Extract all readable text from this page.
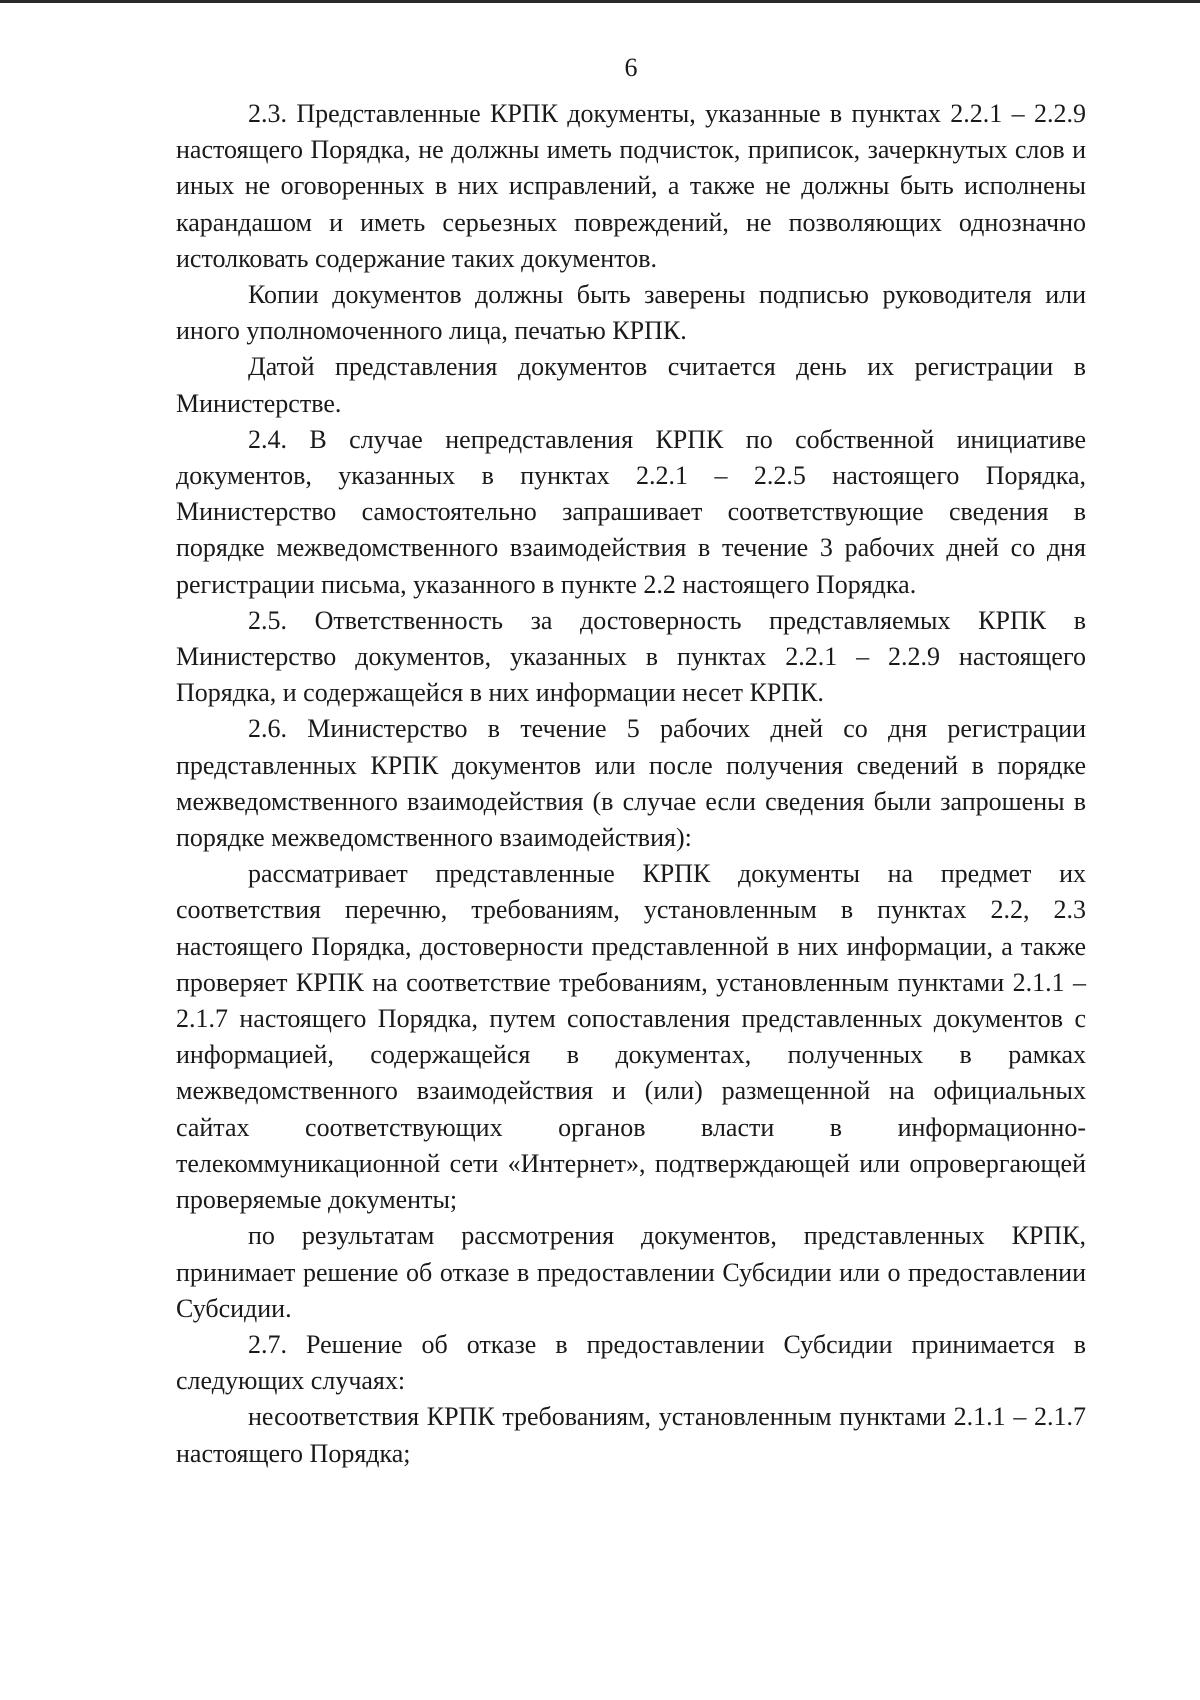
6

2.3. Представленные КРПК документы, указанные в пунктах 2.2.1 – 2.2.9 настоящего Порядка, не должны иметь подчисток, приписок, зачеркнутых слов и иных не оговоренных в них исправлений, а также не должны быть исполнены карандашом и иметь серьезных повреждений, не позволяющих однозначно истолковать содержание таких документов.

Копии документов должны быть заверены подписью руководителя или иного уполномоченного лица, печатью КРПК.

Датой представления документов считается день их регистрации в Министерстве.

2.4. В случае непредставления КРПК по собственной инициативе документов, указанных в пунктах 2.2.1 – 2.2.5 настоящего Порядка, Министерство самостоятельно запрашивает соответствующие сведения в порядке межведомственного взаимодействия в течение 3 рабочих дней со дня регистрации письма, указанного в пункте 2.2 настоящего Порядка.

2.5. Ответственность за достоверность представляемых КРПК в Министерство документов, указанных в пунктах 2.2.1 – 2.2.9 настоящего Порядка, и содержащейся в них информации несет КРПК.

2.6. Министерство в течение 5 рабочих дней со дня регистрации представленных КРПК документов или после получения сведений в порядке межведомственного взаимодействия (в случае если сведения были запрошены в порядке межведомственного взаимодействия):

рассматривает представленные КРПК документы на предмет их соответствия перечню, требованиям, установленным в пунктах 2.2, 2.3 настоящего Порядка, достоверности представленной в них информации, а также проверяет КРПК на соответствие требованиям, установленным пунктами 2.1.1 – 2.1.7 настоящего Порядка, путем сопоставления представленных документов с информацией, содержащейся в документах, полученных в рамках межведомственного взаимодействия и (или) размещенной на официальных сайтах соответствующих органов власти в информационно-телекоммуникационной сети «Интернет», подтверждающей или опровергающей проверяемые документы;

по результатам рассмотрения документов, представленных КРПК, принимает решение об отказе в предоставлении Субсидии или о предоставлении Субсидии.

2.7. Решение об отказе в предоставлении Субсидии принимается в следующих случаях:

несоответствия КРПК требованиям, установленным пунктами 2.1.1 – 2.1.7 настоящего Порядка;
